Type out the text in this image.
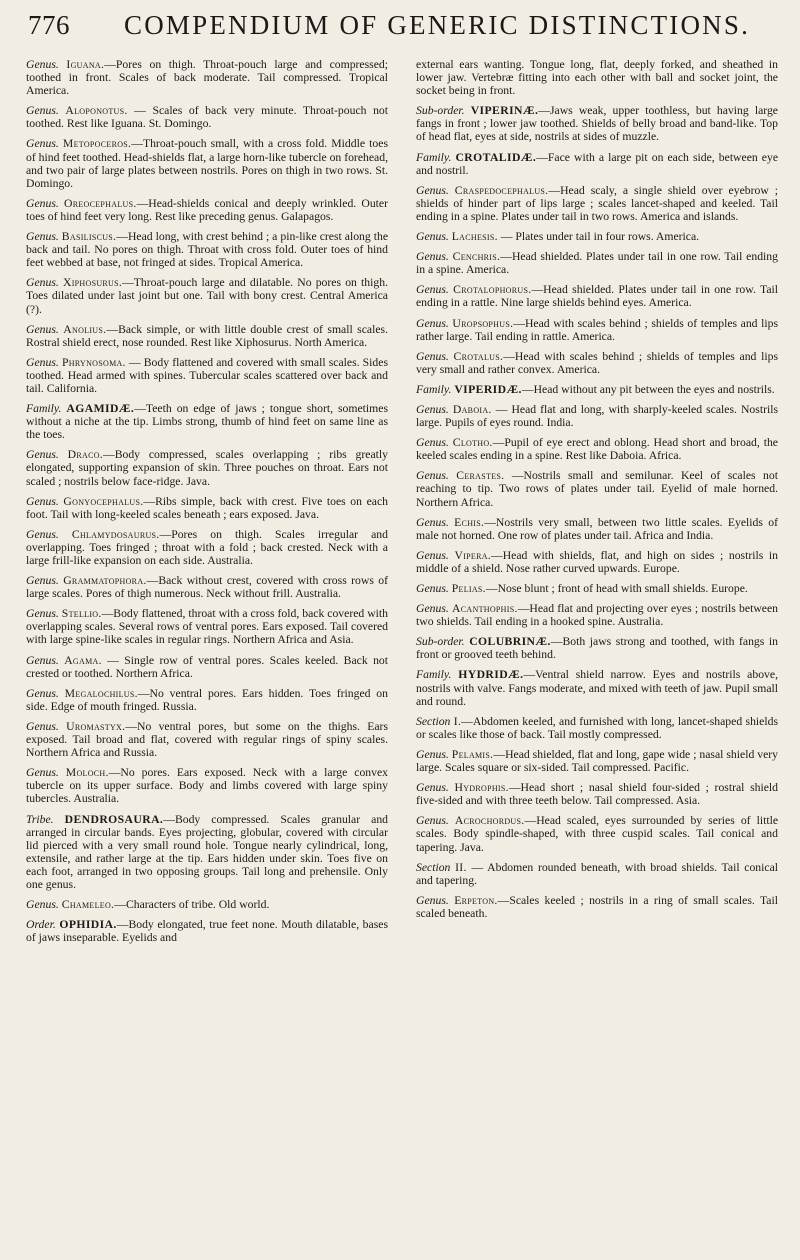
776 COMPENDIUM OF GENERIC DISTINCTIONS.

Genus. Iguana.—Pores on thigh. Throat-pouch large and compressed; toothed in front. Scales of back moderate. Tail compressed. Tropical America.

Genus. Aloponotus. — Scales of back very minute. Throat-pouch not toothed. Rest like Iguana. St. Domingo.

Genus. Metopoceros.—Throat-pouch small, with a cross fold. Middle toes of hind feet toothed. Head-shields flat, a large horn-like tubercle on forehead, and two pair of large plates between nostrils. Pores on thigh in two rows. St. Domingo.

Genus. Oreocephalus.—Head-shields conical and deeply wrinkled. Outer toes of hind feet very long. Rest like preceding genus. Galapagos.

Genus. Basiliscus.—Head long, with crest behind ; a pin-like crest along the back and tail. No pores on thigh. Throat with cross fold. Outer toes of hind feet webbed at base, not fringed at sides. Tropical America.

Genus. Xiphosurus.—Throat-pouch large and dilatable. No pores on thigh. Toes dilated under last joint but one. Tail with bony crest. Central America (?).

Genus. Anolius.—Back simple, or with little double crest of small scales. Rostral shield erect, nose rounded. Rest like Xiphosurus. North America.

Genus. Phrynosoma. — Body flattened and covered with small scales. Sides toothed. Head armed with spines. Tubercular scales scattered over back and tail. California.

Family. AGAMIDÆ.—Teeth on edge of jaws ; tongue short, sometimes without a niche at the tip. Limbs strong, thumb of hind feet on same line as the toes.

Genus. Draco.—Body compressed, scales overlapping ; ribs greatly elongated, supporting expansion of skin. Three pouches on throat. Ears not scaled ; nostrils below face-ridge. Java.

Genus. Gonyocephalus.—Ribs simple, back with crest. Five toes on each foot. Tail with long-keeled scales beneath ; ears exposed. Java.

Genus. Chlamydosaurus.—Pores on thigh. Scales irregular and overlapping. Toes fringed ; throat with a fold ; back crested. Neck with a large frill-like expansion on each side. Australia.

Genus. Grammatophora.—Back without crest, covered with cross rows of large scales. Pores of thigh numerous. Neck without frill. Australia.

Genus. Stellio.—Body flattened, throat with a cross fold, back covered with overlapping scales. Several rows of ventral pores. Ears exposed. Tail covered with large spine-like scales in regular rings. Northern Africa and Asia.

Genus. Agama. — Single row of ventral pores. Scales keeled. Back not crested or toothed. Northern Africa.

Genus. Megalochilus.—No ventral pores. Ears hidden. Toes fringed on side. Edge of mouth fringed. Russia.

Genus. Uromastyx.—No ventral pores, but some on the thighs. Ears exposed. Tail broad and flat, covered with regular rings of spiny scales. Northern Africa and Russia.

Genus. Moloch.—No pores. Ears exposed. Neck with a large convex tubercle on its upper surface. Body and limbs covered with large spiny tubercles. Australia.

Tribe. DENDROSAURA.—Body compressed. Scales granular and arranged in circular bands. Eyes projecting, globular, covered with circular lid pierced with a very small round hole. Tongue nearly cylindrical, long, extensile, and rather large at the tip. Ears hidden under skin. Toes five on each foot, arranged in two opposing groups. Tail long and prehensile. Only one genus.

Genus. Chameleo.—Characters of tribe. Old world.

Order. OPHIDIA.—Body elongated, true feet none. Mouth dilatable, bases of jaws inseparable. Eyelids and

external ears wanting. Tongue long, flat, deeply forked, and sheathed in lower jaw. Vertebræ fitting into each other with ball and socket joint, the socket being in front.

Sub-order. VIPERINÆ.—Jaws weak, upper toothless, but having large fangs in front ; lower jaw toothed. Shields of belly broad and band-like. Top of head flat, eyes at side, nostrils at sides of muzzle.

Family. CROTALIDÆ.—Face with a large pit on each side, between eye and nostril.

Genus. Craspedocephalus.—Head scaly, a single shield over eyebrow ; shields of hinder part of lips large ; scales lancet-shaped and keeled. Tail ending in a spine. Plates under tail in two rows. America and islands.

Genus. Lachesis. — Plates under tail in four rows. America.

Genus. Cenchris.—Head shielded. Plates under tail in one row. Tail ending in a spine. America.

Genus. Crotalophorus.—Head shielded. Plates under tail in one row. Tail ending in a rattle. Nine large shields behind eyes. America.

Genus. Uropsophus.—Head with scales behind ; shields of temples and lips rather large. Tail ending in rattle. America.

Genus. Crotalus.—Head with scales behind ; shields of temples and lips very small and rather convex. America.

Family. VIPERIDÆ.—Head without any pit between the eyes and nostrils.

Genus. Daboia. — Head flat and long, with sharply-keeled scales. Nostrils large. Pupils of eyes round. India.

Genus. Clotho.—Pupil of eye erect and oblong. Head short and broad, the keeled scales ending in a spine. Rest like Daboia. Africa.

Genus. Cerastes. —Nostrils small and semilunar. Keel of scales not reaching to tip. Two rows of plates under tail. Eyelid of male horned. Northern Africa.

Genus. Echis.—Nostrils very small, between two little scales. Eyelids of male not horned. One row of plates under tail. Africa and India.

Genus. Vipera.—Head with shields, flat, and high on sides ; nostrils in middle of a shield. Nose rather curved upwards. Europe.

Genus. Pelias.—Nose blunt ; front of head with small shields. Europe.

Genus. Acanthophis.—Head flat and projecting over eyes ; nostrils between two shields. Tail ending in a hooked spine. Australia.

Sub-order. COLUBRINÆ.—Both jaws strong and toothed, with fangs in front or grooved teeth behind.

Family. HYDRIDÆ.—Ventral shield narrow. Eyes and nostrils above, nostrils with valve. Fangs moderate, and mixed with teeth of jaw. Pupil small and round.

Section I.—Abdomen keeled, and furnished with long, lancet-shaped shields or scales like those of back. Tail mostly compressed.

Genus. Pelamis.—Head shielded, flat and long, gape wide ; nasal shield very large. Scales square or six-sided. Tail compressed. Pacific.

Genus. Hydrophis.—Head short ; nasal shield four-sided ; rostral shield five-sided and with three teeth below. Tail compressed. Asia.

Genus. Acrochordus.—Head scaled, eyes surrounded by series of little scales. Body spindle-shaped, with three cuspid scales. Tail conical and tapering. Java.

Section II. — Abdomen rounded beneath, with broad shields. Tail conical and tapering.

Genus. Erpeton.—Scales keeled ; nostrils in a ring of small scales. Tail scaled beneath.
